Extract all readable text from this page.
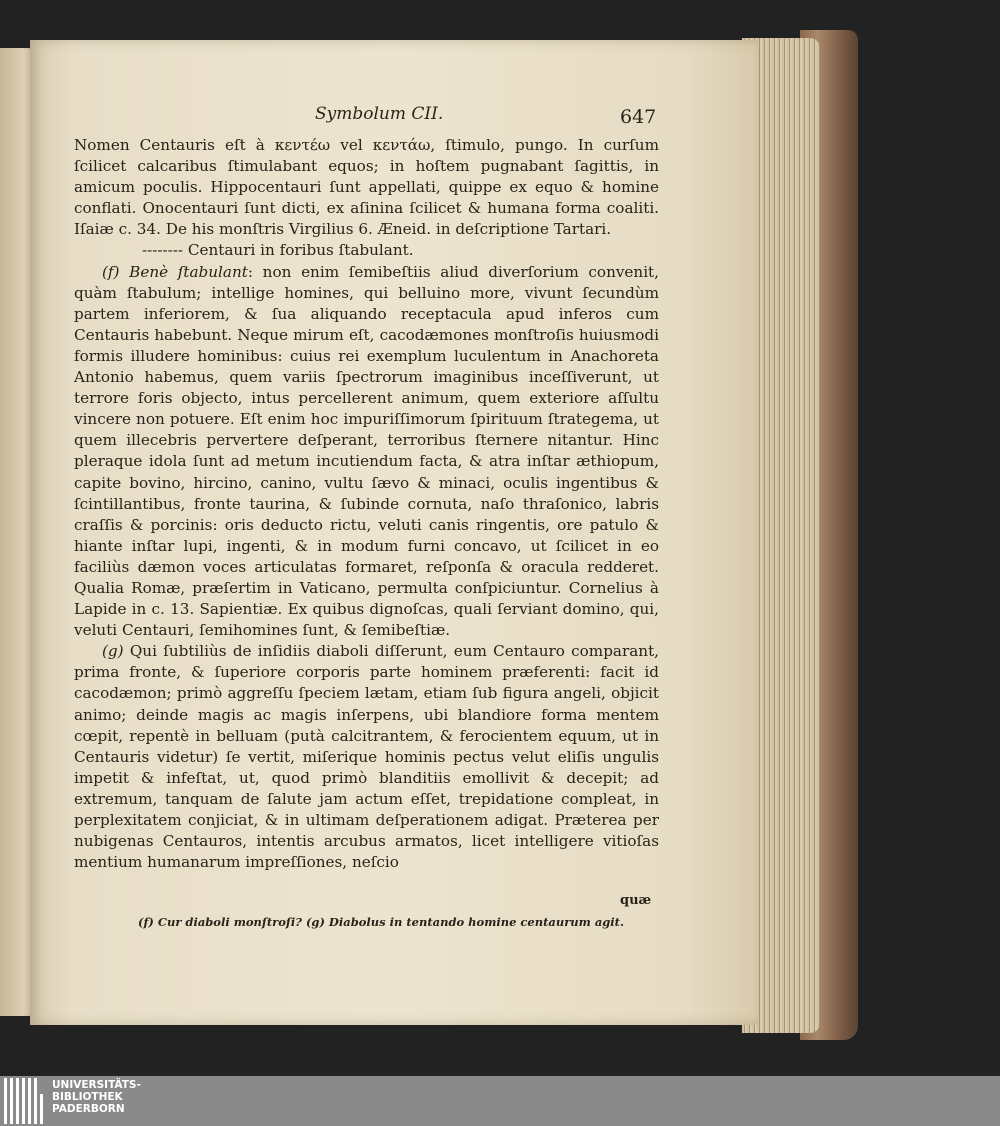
Symbolum CII.	647

Nomen Centauris eſt à κεντέω vel κεντάω, ſtimulo, pungo. In curſum ſcilicet calcaribus ſtimulabant equos; in hoſtem pugnabant ſagittis, in amicum poculis. Hippocentauri ſunt appellati, quippe ex equo & homine conflati. Onocentauri ſunt dicti, ex aſinina ſcilicet & humana forma coaliti. Iſaiæ c. 34. De his monſtris Virgilius 6. Æneid. in deſcriptione Tartari.

-------- Centauri in foribus ſtabulant.

(f) Benè ſtabulant: non enim ſemibeſtiis aliud diverſorium convenit, quàm ſtabulum; intellige homines, qui belluino more, vivunt ſecundùm partem inferiorem, & ſua aliquando receptacula apud inferos cum Centauris habebunt. Neque mirum eſt, cacodæmones monſtroſis huiusmodi formis illudere hominibus: cuius rei exemplum luculentum in Anachoreta Antonio habemus, quem variis ſpectrorum imaginibus inceſſiverunt, ut terrore foris objecto, intus percellerent animum, quem exteriore aſſultu vincere non potuere. Eſt enim hoc impuriſſimorum ſpirituum ſtrategema, ut quem illecebris pervertere deſperant, terroribus ſternere nitantur. Hinc pleraque idola ſunt ad metum incutiendum facta, & atra inſtar æthiopum, capite bovino, hircino, canino, vultu ſævo & minaci, oculis ingentibus & ſcintillantibus, fronte taurina, & ſubinde cornuta, naſo thraſonico, labris craſſis & porcinis: oris deducto rictu, veluti canis ringentis, ore patulo & hiante inſtar lupi, ingenti, & in modum furni concavo, ut ſcilicet in eo faciliùs dæmon voces articulatas formaret, reſponſa & oracula redderet. Qualia Romæ, præſertim in Vaticano, permulta conſpiciuntur. Cornelius à Lapide in c. 13. Sapientiæ. Ex quibus dignoſcas, quali ſerviant domino, qui, veluti Centauri, ſemihomines ſunt, & ſemibeſtiæ.

(g) Qui ſubtiliùs de inſidiis diaboli diſſerunt, eum Centauro comparant, prima fronte, & ſuperiore corporis parte hominem præferenti: facit id cacodæmon; primò aggreſſu ſpeciem lætam, etiam ſub figura angeli, objicit animo; deinde magis ac magis inſerpens, ubi blandiore forma mentem cœpit, repentè in belluam (putà calcitrantem, & ferocientem equum, ut in Centauris videtur) ſe vertit, miſerique hominis pectus velut eliſis ungulis impetit & infeſtat, ut, quod primò blanditiis emollivit & decepit; ad extremum, tanquam de ſalute jam actum eſſet, trepidatione compleat, in perplexitatem conjiciat, & in ultimam deſperationem adigat. Præterea per nubigenas Centauros, intentis arcubus armatos, licet intelligere vitioſas mentium humanarum impreſſiones, neſcio

quæ
(f) Cur diaboli monſtroſi? (g) Diabolus in tentando homine centaurum agit.
UNIVERSITÄTS-
BIBLIOTHEK
PADERBORN
